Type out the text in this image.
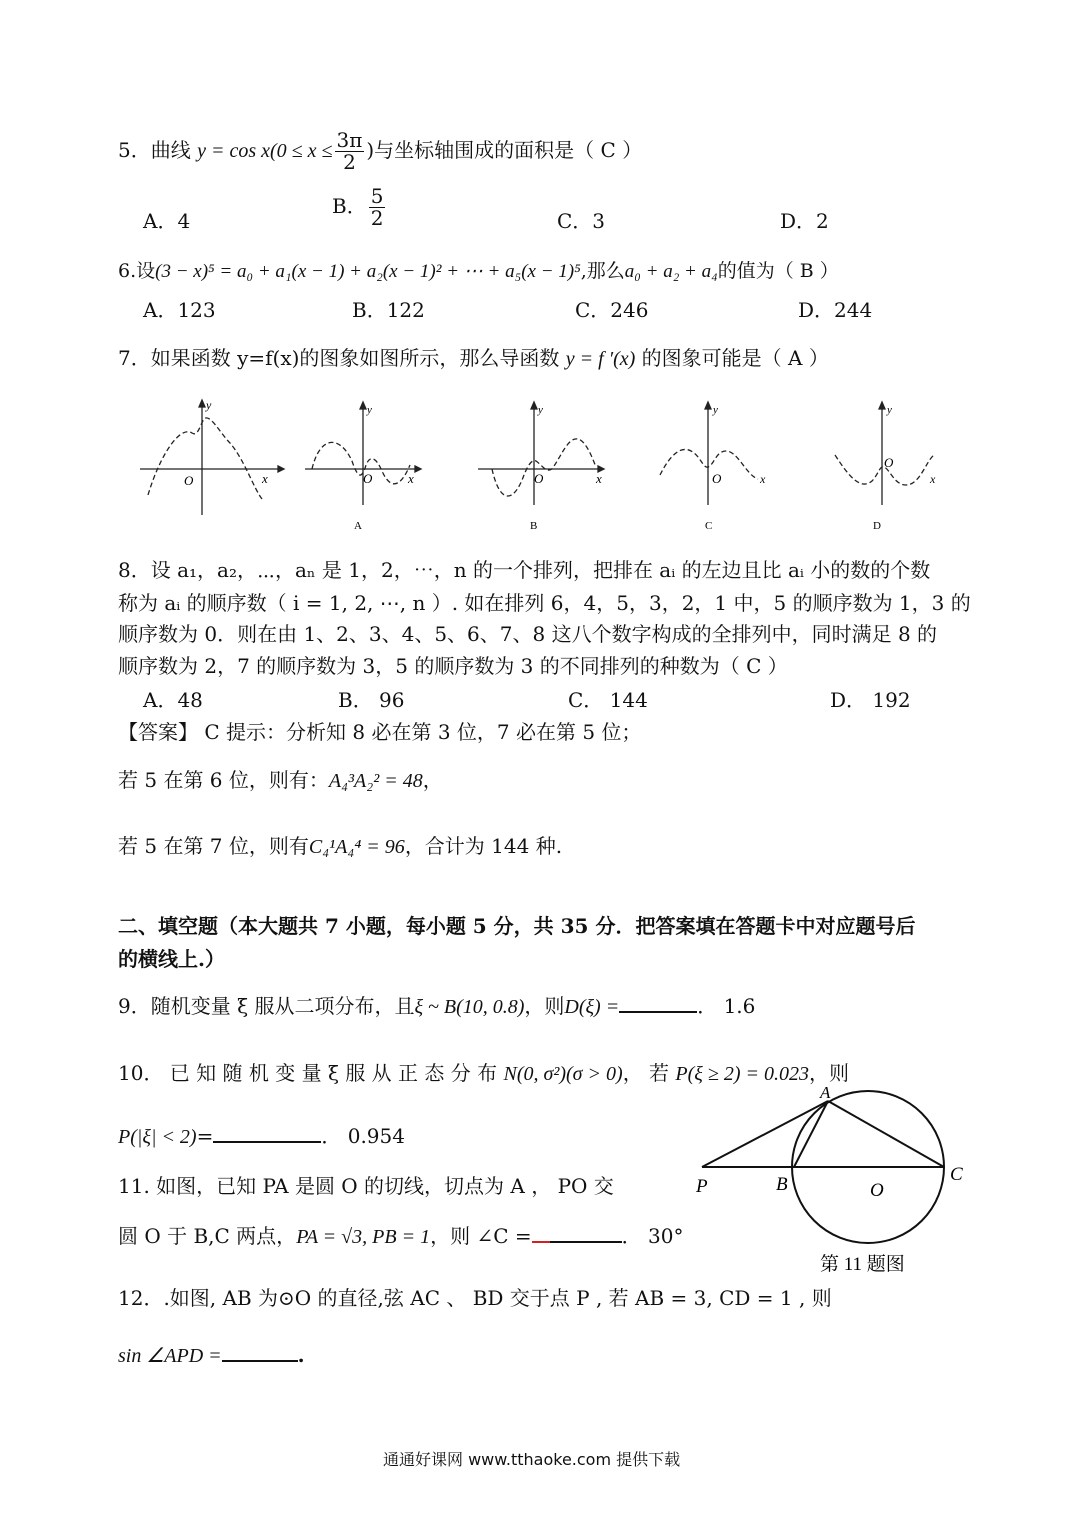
5．曲线 $y = \cos x(0 \le x \le \frac{3\pi}{2}$ )与坐标轴围成的面积是（ C ）
A．4
B． $\frac{5}{2}$	C．3	D．2
6.设(3 − x)⁵ = a₀ + a₁(x − 1) + a₂(x − 1)² + ⋯ + a₅(x − 1)⁵,那么a₀ + a₂ + a₄的值为（ B ）
A．123	B．122	C．246	D．244
7．如果函数 y=f(x)的图象如图所示，那么导函数 y = f ′(x) 的图象可能是（ A ）
y
x
O
y
x
O
A
y
x
O
B
y
x
O
C
y
x
O
D
8．设 a₁，a₂，⋯，aₙ 是 1，2，⋯，n 的一个排列，把排在 aᵢ 的左边且比 aᵢ 小的数的个数
称为 aᵢ 的顺序数（ i = 1, 2, ⋯, n ）. 如在排列 6，4，5，3，2，1 中，5 的顺序数为 1，3 的
顺序数为 0．则在由 1、2、3、4、5、6、7、8 这八个数字构成的全排列中，同时满足 8 的
顺序数为 2，7 的顺序数为 3，5 的顺序数为 3 的不同排列的种数为（ C ）
A．48	B． 96	C． 144	D． 192
【答案】 C 提示：分析知 8 必在第 3 位，7 必在第 5 位；
若 5 在第 6 位，则有：A₄³A₂² = 48，
若 5 在第 7 位，则有C₄¹A₄⁴ = 96，合计为 144 种.
二、填空题（本大题共 7 小题，每小题 5 分，共 35 分．把答案填在答题卡中对应题号后
的横线上.）
9．随机变量 ξ 服从二项分布，且ξ ~ B(10, 0.8)，则D(ξ) =	． 1.6
10． 已 知 随 机 变 量 ξ 服 从 正 态 分 布 N(0, σ²)(σ > 0)， 若 P(ξ ≥ 2) = 0.023，则
P(|ξ| < 2)=	． 0.954
11. 如图，已知 PA 是圆 O 的切线，切点为 A ， PO 交
圆 O 于 B,C 两点，PA = √3, PB = 1，则 ∠C =	． 30°
A
P	B	O
C
第 11 题图
12．.如图, AB 为⊙O 的直径,弦 AC 、 BD 交于点 P , 若 AB = 3, CD = 1 , 则
sin ∠APD =	.
通通好课网 www.tthaoke.com 提供下载
